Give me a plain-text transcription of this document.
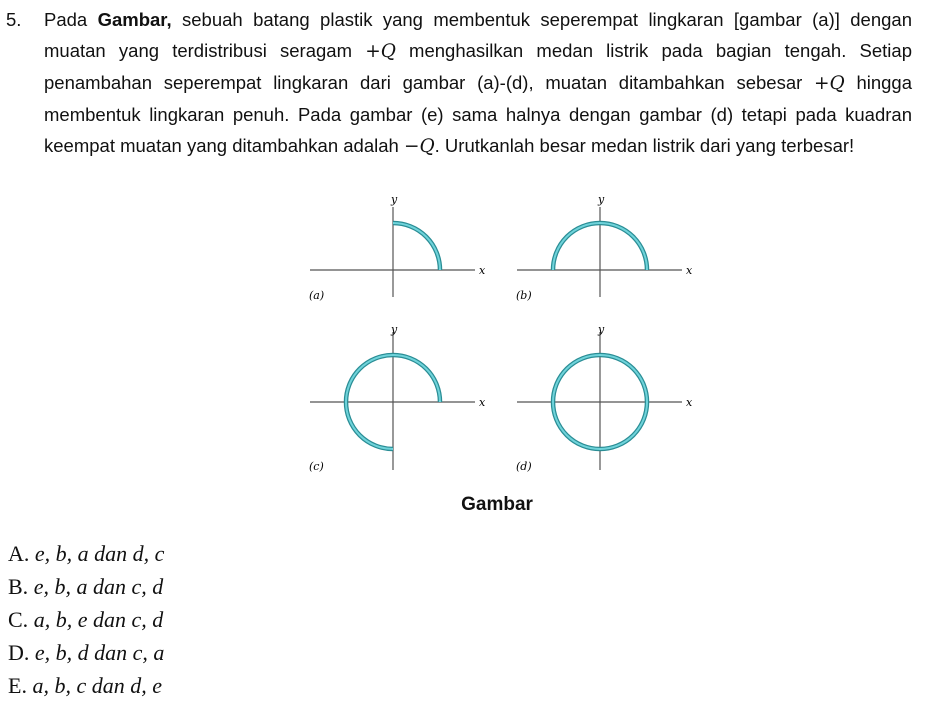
5. Pada Gambar, sebuah batang plastik yang membentuk seperempat lingkaran [gambar (a)] dengan muatan yang terdistribusi seragam +Q menghasilkan medan listrik pada bagian tengah. Setiap penambahan seperempat lingkaran dari gambar (a)-(d), muatan ditambahkan sebesar +Q hingga membentuk lingkaran penuh. Pada gambar (e) sama halnya dengan gambar (d) tetapi pada kuadran keempat muatan yang ditambahkan adalah −Q. Urutkanlah besar medan listrik dari yang terbesar!
x
y
(a)
x
y
(b)
x
y
(c)
x
y
(d)
Gambar
A. e, b, a dan d, c
B. e, b, a dan c, d
C. a, b, e dan c, d
D. e, b, d dan c, a
E. a, b, c dan d, e
